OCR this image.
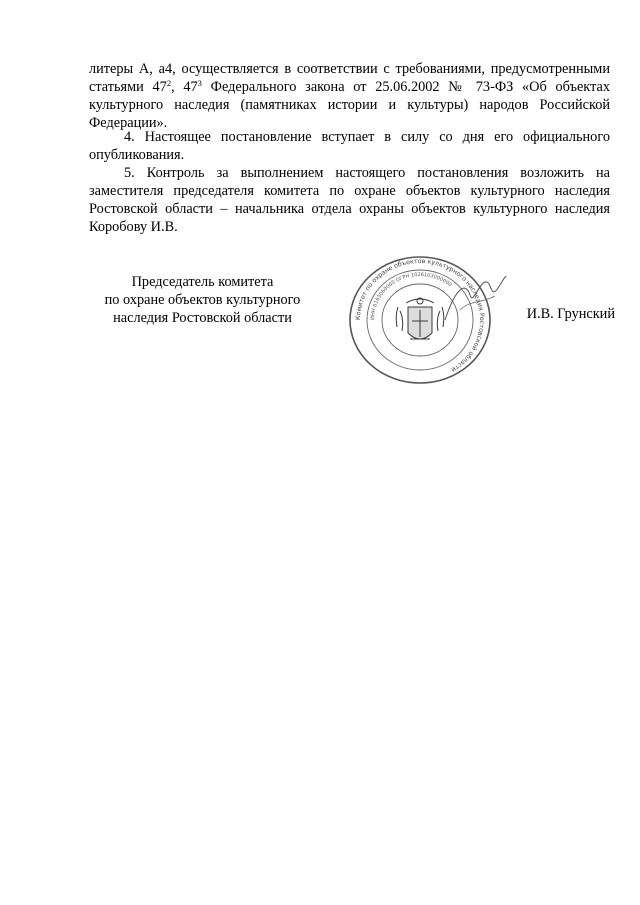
литеры А, а4, осуществляется в соответствии с требованиями, предусмотренными статьями $47^2$, $47^3$ Федерального закона от 25.06.2002 № 73-ФЗ «Об объектах культурного наследия (памятниках истории и культуры) народов Российской Федерации».

4. Настоящее постановление вступает в силу со дня его официального опубликования.

5. Контроль за выполнением настоящего постановления возложить на заместителя председателя комитета по охране объектов культурного наследия Ростовской области – начальника отдела охраны объектов культурного наследия Коробову И.В.

Председатель комитета
по охране объектов культурного
наследия Ростовской области	Комитет по охране объектов культурного наследия Ростовской области
ИНН 6163060000 ОГРН 1026103000000
И.В. Грунский
